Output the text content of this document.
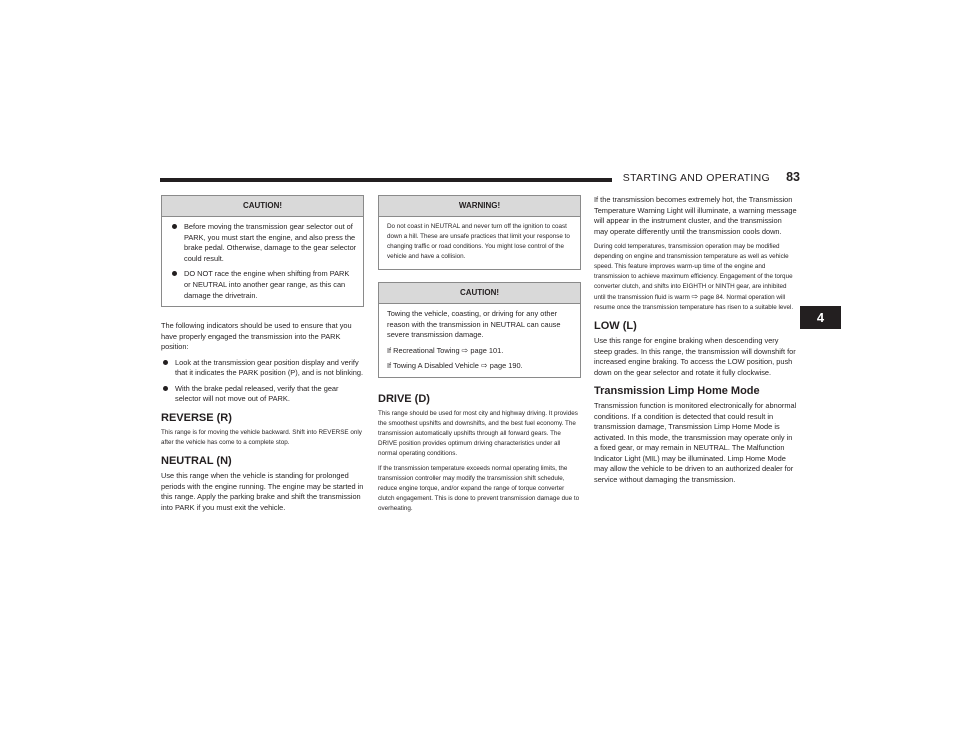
STARTING AND OPERATING 83
4
CAUTION!
Before moving the transmission gear selector out of PARK, you must start the engine, and also press the brake pedal. Otherwise, damage to the gear selector could result.
DO NOT race the engine when shifting from PARK or NEUTRAL into another gear range, as this can damage the drivetrain.

The following indicators should be used to ensure that you have properly engaged the transmission into the PARK position:

Look at the transmission gear position display and verify that it indicates the PARK position (P), and is not blinking.
With the brake pedal released, verify that the gear selector will not move out of PARK.
REVERSE (R)

This range is for moving the vehicle backward. Shift into REVERSE only after the vehicle has come to a complete stop.

NEUTRAL (N)

Use this range when the vehicle is standing for prolonged periods with the engine running. The engine may be started in this range. Apply the parking brake and shift the transmission into PARK if you must exit the vehicle.

WARNING!

Do not coast in NEUTRAL and never turn off the ignition to coast down a hill. These are unsafe practices that limit your response to changing traffic or road conditions. You might lose control of the vehicle and have a collision.

CAUTION!

Towing the vehicle, coasting, or driving for any other reason with the transmission in NEUTRAL can cause severe transmission damage.

If Recreational Towing ⇨ page 101.

If Towing A Disabled Vehicle ⇨ page 190.

DRIVE (D)

This range should be used for most city and highway driving. It provides the smoothest upshifts and downshifts, and the best fuel economy. The transmission automatically upshifts through all forward gears. The DRIVE position provides optimum driving characteristics under all normal operating conditions.

If the transmission temperature exceeds normal operating limits, the transmission controller may modify the transmission shift schedule, reduce engine torque, and/or expand the range of torque converter clutch engagement. This is done to prevent transmission damage due to overheating.

If the transmission becomes extremely hot, the Transmission Temperature Warning Light will illuminate, a warning message will appear in the instrument cluster, and the transmission may operate differently until the transmission cools down.

During cold temperatures, transmission operation may be modified depending on engine and transmission temperature as well as vehicle speed. This feature improves warm-up time of the engine and transmission to achieve maximum efficiency. Engagement of the torque converter clutch, and shifts into EIGHTH or NINTH gear, are inhibited until the transmission fluid is warm ⇨ page 84. Normal operation will resume once the transmission temperature has risen to a suitable level.

LOW (L)

Use this range for engine braking when descending very steep grades. In this range, the transmission will downshift for increased engine braking. To access the LOW position, push down on the gear selector and rotate it fully clockwise.

Transmission Limp Home Mode

Transmission function is monitored electronically for abnormal conditions. If a condition is detected that could result in transmission damage, Transmission Limp Home Mode is activated. In this mode, the transmission may operate only in a fixed gear, or may remain in NEUTRAL. The Malfunction Indicator Light (MIL) may be illuminated. Limp Home Mode may allow the vehicle to be driven to an authorized dealer for service without damaging the transmission.
